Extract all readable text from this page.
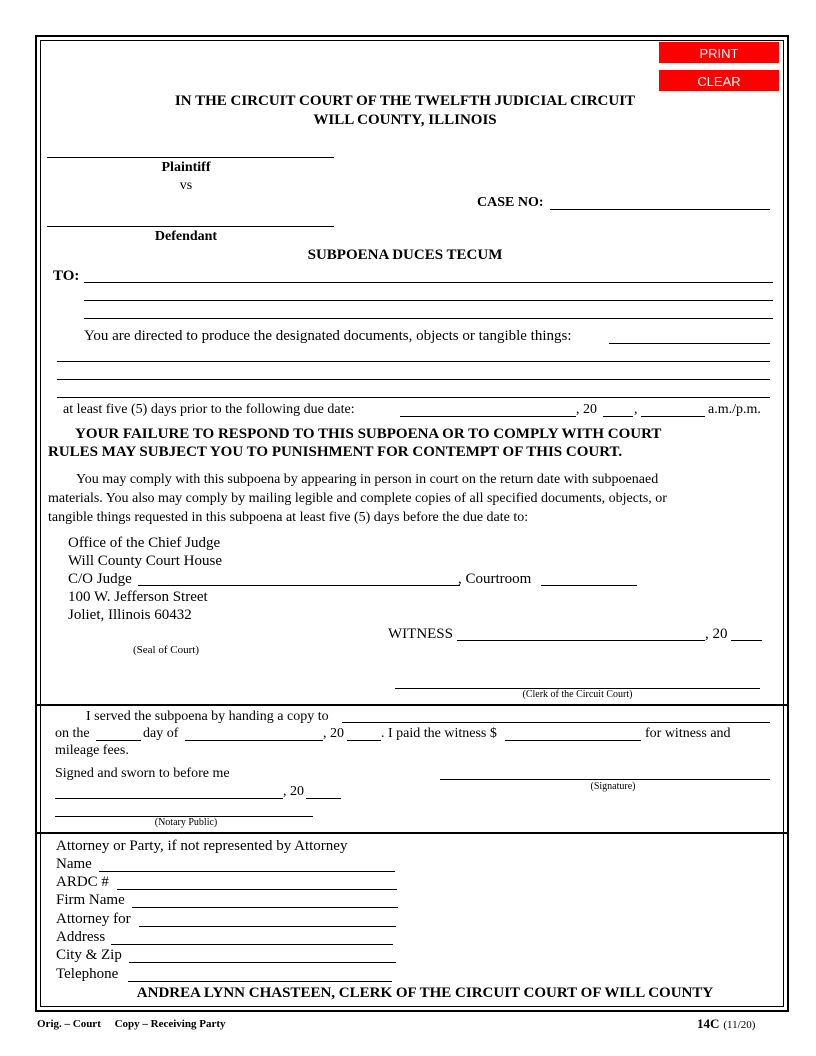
PRINT
CLEAR
IN THE CIRCUIT COURT OF THE TWELFTH JUDICIAL CIRCUIT
WILL COUNTY, ILLINOIS
Plaintiff
vs
CASE NO:
Defendant
SUBPOENA DUCES TECUM
TO:
You are directed to produce the designated documents, objects or tangible things:
at least five (5) days prior to the following due date:	, 20	,	a.m./p.m.
YOUR FAILURE TO RESPOND TO THIS SUBPOENA OR TO COMPLY WITH COURT
RULES MAY SUBJECT YOU TO PUNISHMENT FOR CONTEMPT OF THIS COURT.
You may comply with this subpoena by appearing in person in court on the return date with subpoenaed
materials. You also may comply by mailing legible and complete copies of all specified documents, objects, or
tangible things requested in this subpoena at least five (5) days before the due date to:
Office of the Chief Judge
Will County Court House
C/O Judge	, Courtroom
100 W. Jefferson Street
Joliet, Illinois 60432
WITNESS	, 20
(Seal of Court)
(Clerk of the Circuit Court)
I served the subpoena by handing a copy to
on the	day of	, 20	. I paid the witness $	for witness and
mileage fees.
Signed and sworn to before me
(Signature)
, 20
(Notary Public)
Attorney or Party, if not represented by Attorney
Name
ARDC #
Firm Name
Attorney for
Address
City & Zip
Telephone
ANDREA LYNN CHASTEEN, CLERK OF THE CIRCUIT COURT OF WILL COUNTY
Orig. – Court     Copy – Receiving Party	14C (11/20)
